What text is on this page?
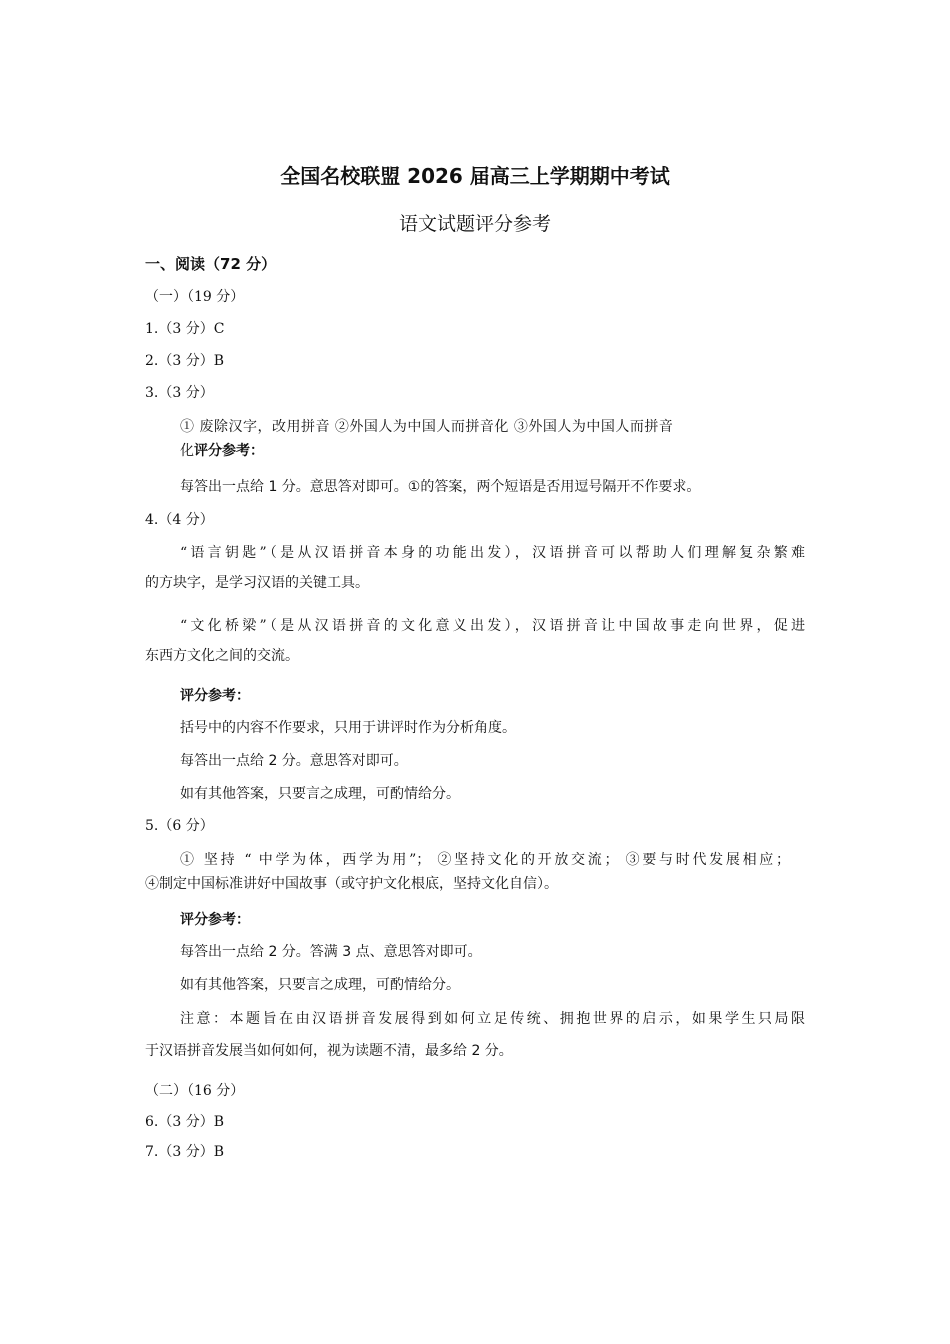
全国名校联盟 2026 届高三上学期期中考试
语文试题评分参考
一、阅读（72 分）
（一）（19 分）
1.（3 分）C
2.（3 分）B
3.（3 分）
① 废除汉字，改用拼音 ②外国人为中国人而拼音化 ③外国人为中国人而拼音
化 评分参考：
每答出一点给 1 分。意思答对即可。①的答案，两个短语是否用逗号隔开不作要求。
4.（4 分）
“语言钥匙”（是从汉语拼音本身的功能出发），汉语拼音可以帮助人们理解复杂繁难
的方块字，是学习汉语的关键工具。
“文化桥梁”（是从汉语拼音的文化意义出发），汉语拼音让中国故事走向世界，促进
东西方文化之间的交流。
评分参考：
括号中的内容不作要求，只用于讲评时作为分析角度。
每答出一点给 2 分。意思答对即可。
如有其他答案，只要言之成理，可酌情给分。
5.（6 分）
① 坚持 “ 中学为体，西学为用”； ②坚持文化的开放交流； ③要与时代发展相应；
④制定中国标准讲好中国故事（或守护文化根底，坚持文化自信）。
评分参考：
每答出一点给 2 分。答满 3 点、意思答对即可。
如有其他答案，只要言之成理，可酌情给分。
注意：本题旨在由汉语拼音发展得到如何立足传统、拥抱世界的启示，如果学生只局限
于汉语拼音发展当如何如何，视为读题不清，最多给 2 分。
（二）（16 分）
6.（3 分）B
7.（3 分）B
